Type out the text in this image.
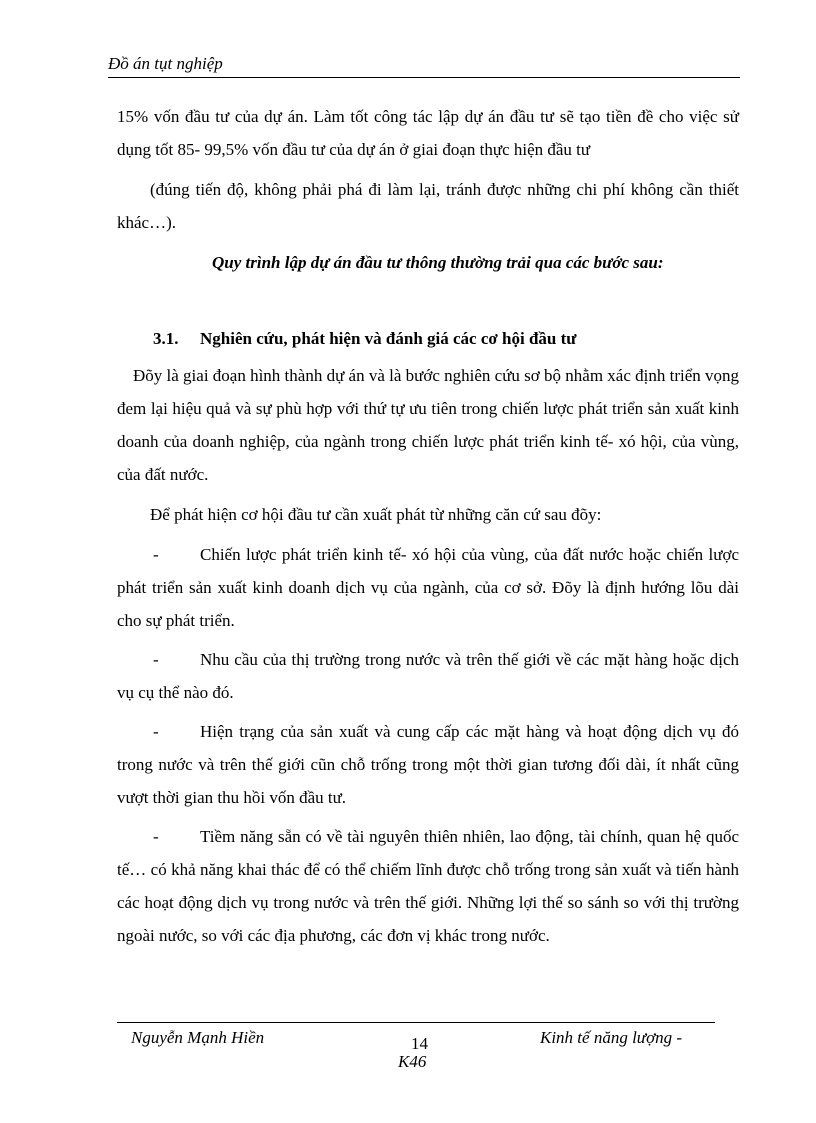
Đồ án tụt nghiệp

15% vốn đầu tư của dự án. Làm tốt công tác lập dự án đầu tư sẽ tạo tiền đề cho việc sử dụng tốt 85- 99,5% vốn đầu tư của dự án ở giai đoạn thực hiện đầu tư

(đúng tiến độ, không phải phá đi làm lại, tránh được những chi phí không cần thiết khác…).

Quy trình lập dự án đầu tư thông thường trải qua các bước sau:

3.1. Nghiên cứu, phát hiện và đánh giá các cơ hội đầu tư

Đõy là giai đoạn hình thành dự án và là bước nghiên cứu sơ bộ nhằm xác định triển vọng đem lại hiệu quả và sự phù hợp với thứ tự ưu tiên trong chiến lược phát triển sản xuất kinh doanh của doanh nghiệp, của ngành trong chiến lược phát triển kinh tế- xó hội, của vùng, của đất nước.

Để phát hiện cơ hội đầu tư cần xuất phát từ những căn cứ sau đõy:

- Chiến lược phát triển kinh tế- xó hội của vùng, của đất nước hoặc chiến lược phát triển sản xuất kinh doanh dịch vụ của ngành, của cơ sở. Đõy là định hướng lõu dài cho sự phát triển.

- Nhu cầu của thị trường trong nước và trên thế giới về các mặt hàng hoặc dịch vụ cụ thể nào đó.

- Hiện trạng của sản xuất và cung cấp các mặt hàng và hoạt động dịch vụ đó trong nước và trên thế giới cũn chỗ trống trong một thời gian tương đối dài, ít nhất cũng vượt thời gian thu hồi vốn đầu tư.

- Tiềm năng sẵn có về tài nguyên thiên nhiên, lao động, tài chính, quan hệ quốc tế… có khả năng khai thác để có thể chiếm lĩnh được chỗ trống trong sản xuất và tiến hành các hoạt động dịch vụ trong nước và trên thế giới. Những lợi thế so sánh so với thị trường ngoài nước, so với các địa phương, các đơn vị khác trong nước.

Nguyễn Mạnh Hiền	14	Kinh tế năng lượng -
K46
